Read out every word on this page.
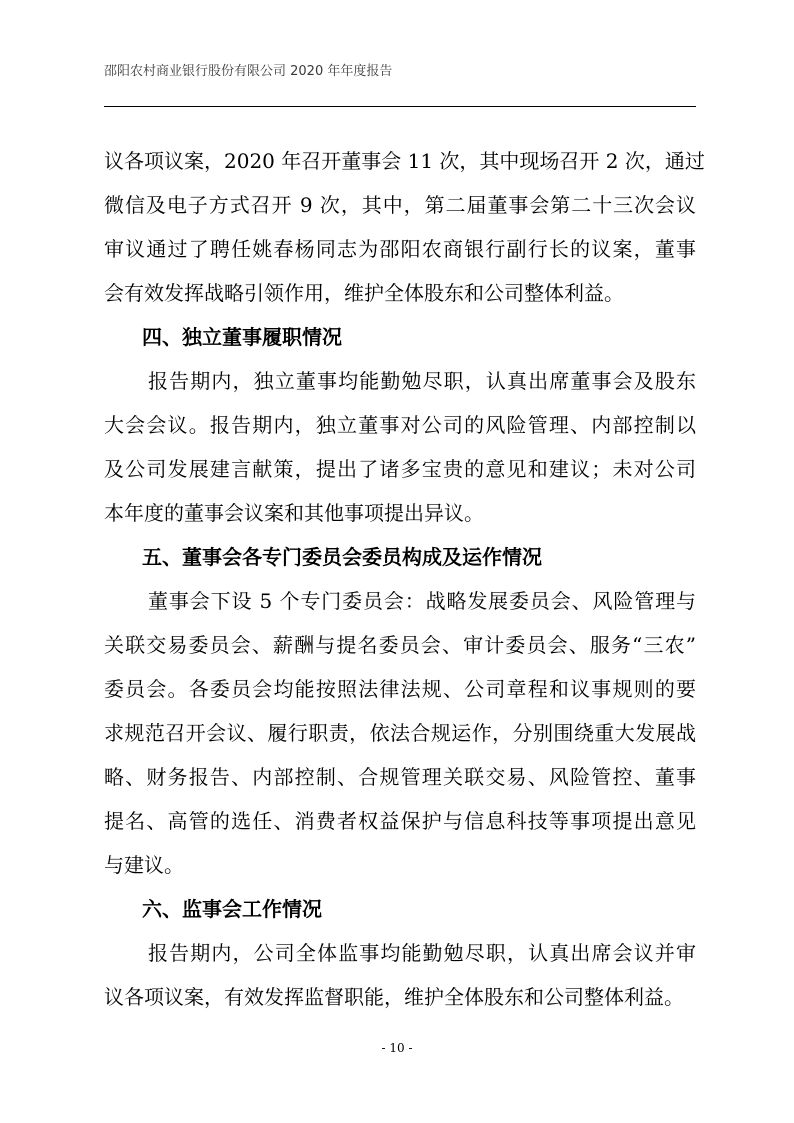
邵阳农村商业银行股份有限公司 2020 年年度报告
议各项议案，2020 年召开董事会 11 次，其中现场召开 2 次，通过
微信及电子方式召开 9 次，其中，第二届董事会第二十三次会议
审议通过了聘任姚春杨同志为邵阳农商银行副行长的议案，董事
会有效发挥战略引领作用，维护全体股东和公司整体利益。
四、独立董事履职情况
报告期内，独立董事均能勤勉尽职，认真出席董事会及股东
大会会议。报告期内，独立董事对公司的风险管理、内部控制以
及公司发展建言献策，提出了诸多宝贵的意见和建议；未对公司
本年度的董事会议案和其他事项提出异议。
五、董事会各专门委员会委员构成及运作情况
董事会下设 5 个专门委员会：战略发展委员会、风险管理与
关联交易委员会、薪酬与提名委员会、审计委员会、服务“三农”
委员会。各委员会均能按照法律法规、公司章程和议事规则的要
求规范召开会议、履行职责，依法合规运作，分别围绕重大发展战
略、财务报告、内部控制、合规管理关联交易、风险管控、董事
提名、高管的选任、消费者权益保护与信息科技等事项提出意见
与建议。
六、监事会工作情况
报告期内，公司全体监事均能勤勉尽职，认真出席会议并审
议各项议案，有效发挥监督职能，维护全体股东和公司整体利益。
- 10 -
